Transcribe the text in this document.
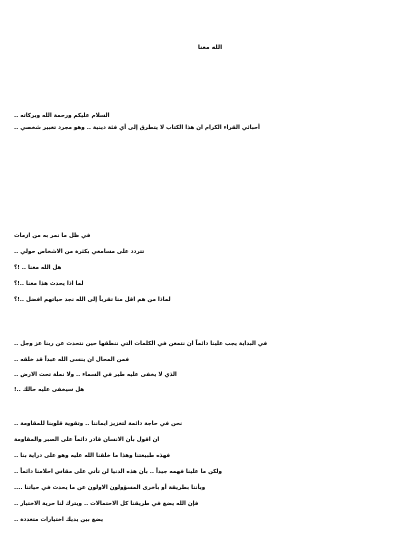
الله معنا
السلام عليكم ورحمة الله وبركاته ..
أحبائي القراء الكرام ان هذا الكتاب لا يتطرق إلى أي فئة دينية .. وهو مجرد تعبير شخصي ..
في ظل ما نمر به من ازمات
تتردد على مسامعي بكثرة من الاشخاص حولي ..
هل الله معنا .. !؟
لما اذا يحدث هذا معنا ..!؟
لماذا من هم اقل منا تقرباً إلى الله نجد حياتهم افضل ..!؟
في البداية يجب علينا دائماً ان نتمعن في الكلمات التي ننطقها حين نتحدث عن ربنا عز وجل ..
فمن المحال ان ينسى الله عبداً قد خلقه ..
الذي لا يخفى عليه طير في السماء .. ولا نملة تحت الارض ..
هل سيخفى عليه حالك ..!
نحن في حاجة دائمة لتعزيز ايماننا .. وتقوية قلوبنا للمقاومة ..
ان اقول بأن الانسان قادر دائماً على الصبر والمقاومة
فهذه طبيعتنا وهذا ما خلقنا الله عليه وهو على دراية بنا ..
ولكن ما علينا فهمه جيداً .. بأن هذه الدنيا لن تأتي على مقاس احلامنا دائماً ..
وبأننا بطريقة أو بأخرى المسؤولون الاولون عن ما يحدث في حياتنا ....
فإن الله يضع في طريقنا كل الاحتمالات .. ويترك لنا حرية الاختيار ..
يضع بين يديك اختيارات متعددة ..
